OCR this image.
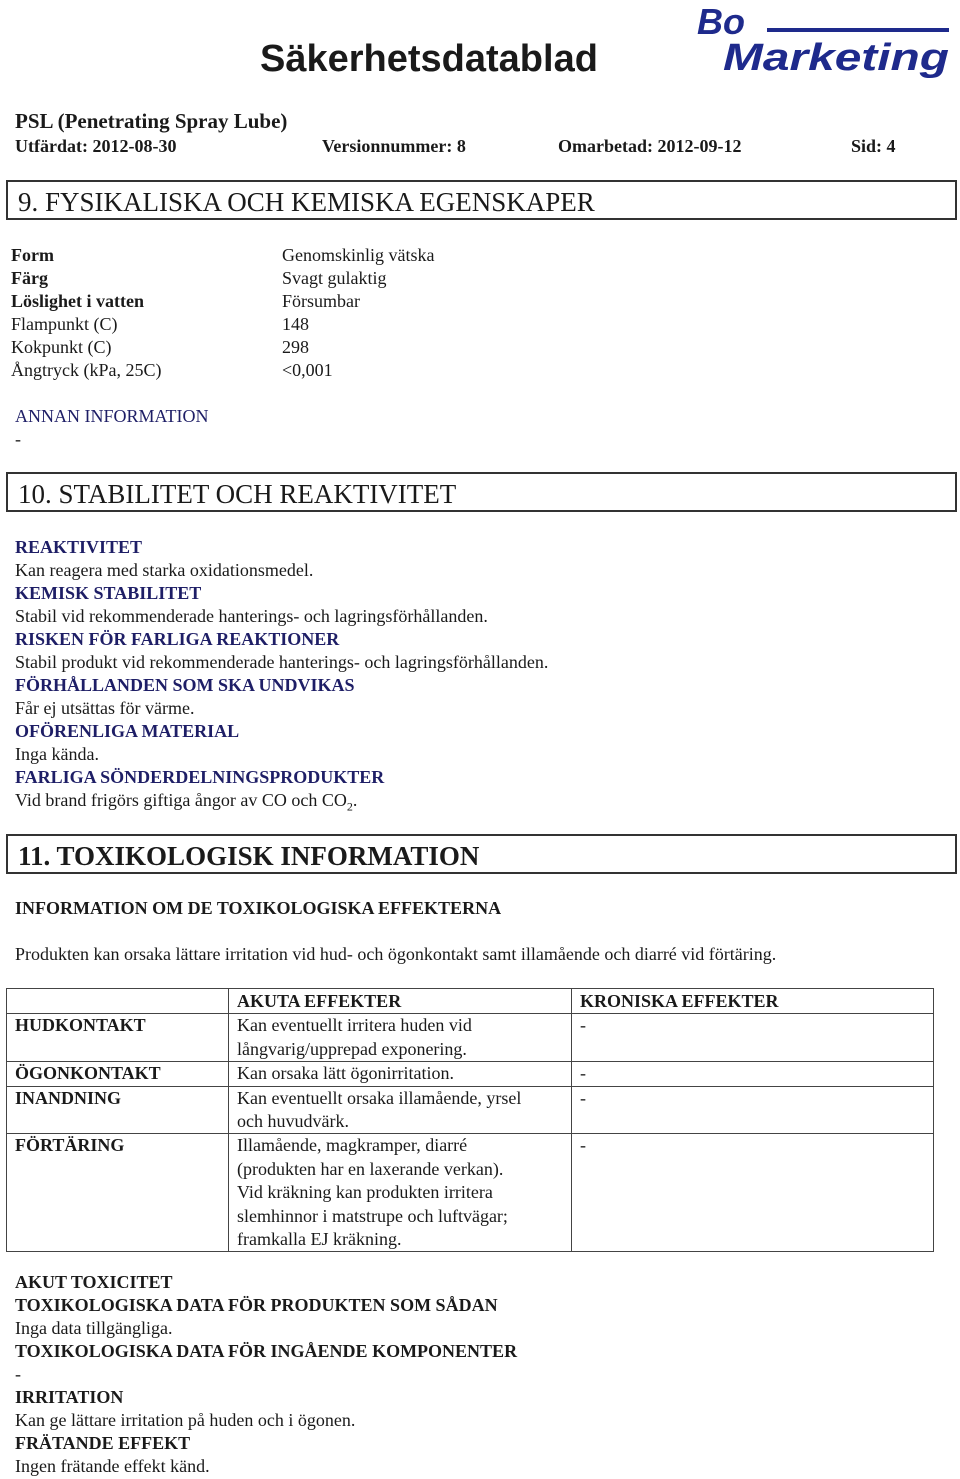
Säkerhetsdatablad
Bo
Marketing
PSL (Penetrating Spray Lube)
Utfärdat: 2012-08-30	Versionnummer: 8	Omarbetad: 2012-09-12	Sid: 4
9. FYSIKALISKA OCH KEMISKA EGENSKAPER
Form	Genomskinlig vätska
Färg	Svagt gulaktig
Löslighet i vatten	Försumbar
Flampunkt (C)	148
Kokpunkt (C)	298
Ångtryck (kPa, 25C)	<0,001
ANNAN INFORMATION
-
10. STABILITET OCH REAKTIVITET
REAKTIVITET
Kan reagera med starka oxidationsmedel.
KEMISK STABILITET
Stabil vid rekommenderade hanterings- och lagringsförhållanden.
RISKEN FÖR FARLIGA REAKTIONER
Stabil produkt vid rekommenderade hanterings- och lagringsförhållanden.
FÖRHÅLLANDEN SOM SKA UNDVIKAS
Får ej utsättas för värme.
OFÖRENLIGA MATERIAL
Inga kända.
FARLIGA SÖNDERDELNINGSPRODUKTER
Vid brand frigörs giftiga ångor av CO och $CO_2$.
11. TOXIKOLOGISK INFORMATION
INFORMATION OM DE TOXIKOLOGISKA EFFEKTERNA
Produkten kan orsaka lättare irritation vid hud- och ögonkontakt samt illamående och diarré vid förtäring.
	AKUTA EFFEKTER	KRONISKA EFFEKTER
HUDKONTAKT	Kan eventuellt irritera huden vid
långvarig/upprepad exponering.	-
ÖGONKONTAKT	Kan orsaka lätt ögonirritation.	-
INANDNING	Kan eventuellt orsaka illamående, yrsel
och huvudvärk.	-
FÖRTÄRING	Illamående, magkramper, diarré
(produkten har en laxerande verkan).
Vid kräkning kan produkten irritera
slemhinnor i matstrupe och luftvägar;
framkalla EJ kräkning.	-
AKUT TOXICITET
TOXIKOLOGISKA DATA FÖR PRODUKTEN SOM SÅDAN
Inga data tillgängliga.
TOXIKOLOGISKA DATA FÖR INGÅENDE KOMPONENTER
-
IRRITATION
Kan ge lättare irritation på huden och i ögonen.
FRÄTANDE EFFEKT
Ingen frätande effekt känd.
